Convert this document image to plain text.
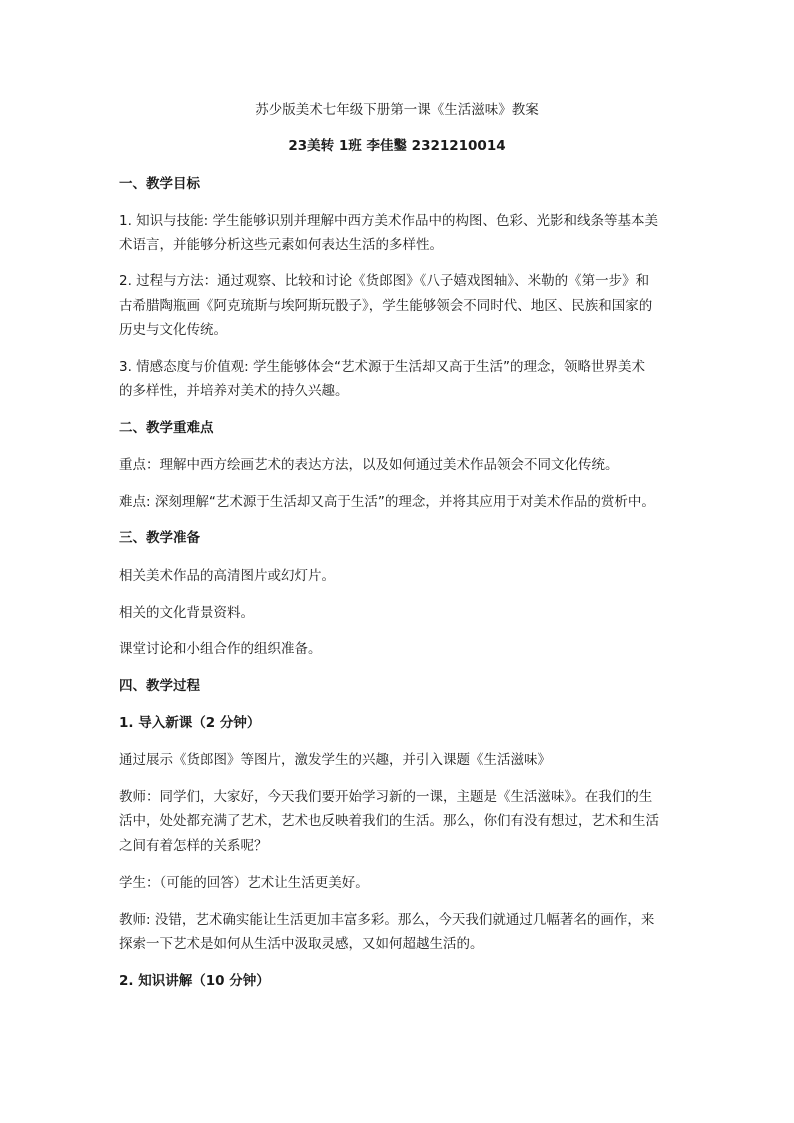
苏少版美术七年级下册第一课《生活滋味》教案
23美转 1班 李佳鑿 2321210014
一、教学目标
1. 知识与技能: 学生能够识别并理解中西方美术作品中的构图、色彩、光影和线条等基本美
术语言，并能够分析这些元素如何表达生活的多样性。
2. 过程与方法：通过观察、比较和讨论《货郎图》《八子嬉戏图轴》、米勒的《第一步》和
古希腊陶瓶画《阿克琉斯与埃阿斯玩骰子》，学生能够领会不同时代、地区、民族和国家的
历史与文化传统。
3. 情感态度与价值观: 学生能够体会“艺术源于生活却又高于生活”的理念，领略世界美术
的多样性，并培养对美术的持久兴趣。
二、教学重难点
重点：理解中西方绘画艺术的表达方法，以及如何通过美术作品领会不同文化传统。
难点: 深刻理解“艺术源于生活却又高于生活”的理念，并将其应用于对美术作品的赏析中。
三、教学准备
相关美术作品的高清图片或幻灯片。
相关的文化背景资料。
课堂讨论和小组合作的组织准备。
四、教学过程
1. 导入新课（2 分钟）
通过展示《货郎图》等图片，激发学生的兴趣，并引入课题《生活滋味》
教师：同学们，大家好，今天我们要开始学习新的一课，主题是《生活滋味》。在我们的生
活中，处处都充满了艺术，艺术也反映着我们的生活。那么，你们有没有想过，艺术和生活
之间有着怎样的关系呢？
学生：（可能的回答）艺术让生活更美好。
教师: 没错，艺术确实能让生活更加丰富多彩。那么，今天我们就通过几幅著名的画作，来
探索一下艺术是如何从生活中汲取灵感，又如何超越生活的。
2. 知识讲解（10 分钟）
